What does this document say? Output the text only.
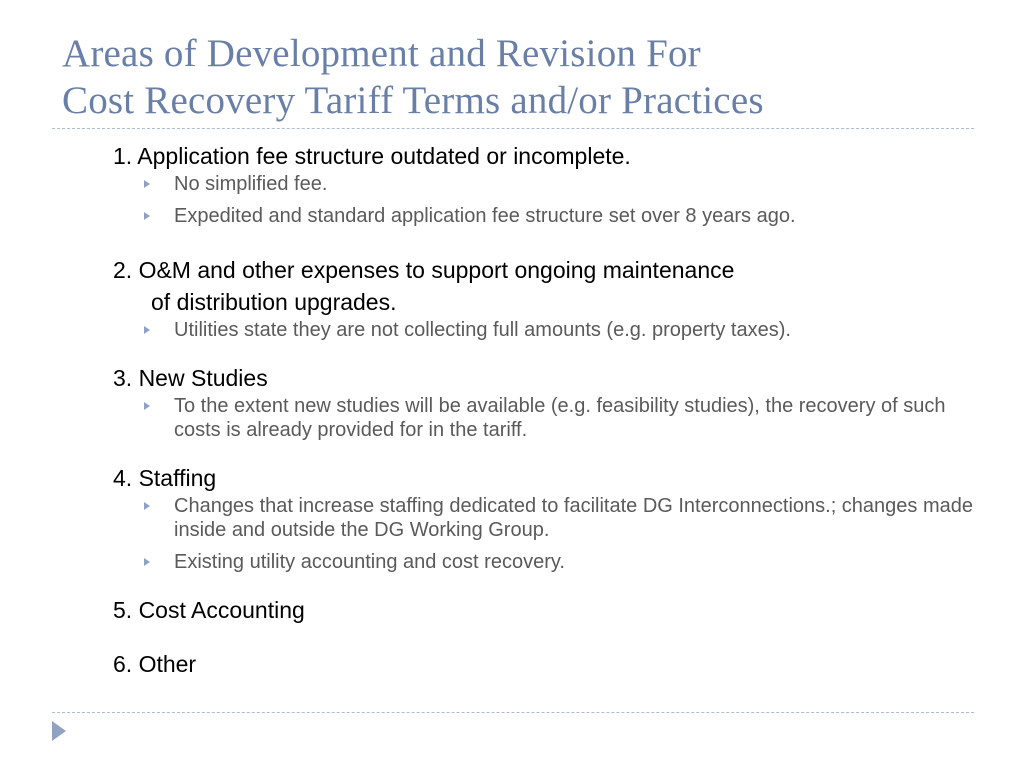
Areas of Development and Revision For
Cost Recovery Tariff Terms and/or Practices
1. Application fee structure outdated or incomplete.
No simplified fee.
Expedited and standard application fee structure set over 8 years ago.
2. O&M and other expenses to support ongoing maintenance
of distribution upgrades.
Utilities state they are not collecting full amounts (e.g. property taxes).
3. New Studies
To the extent new studies will be available (e.g. feasibility studies), the recovery of such costs is already provided for in the tariff.
4. Staffing
Changes that increase staffing dedicated to facilitate DG Interconnections.; changes made inside and outside the DG Working Group.
Existing utility accounting and cost recovery.
5. Cost Accounting
6. Other
